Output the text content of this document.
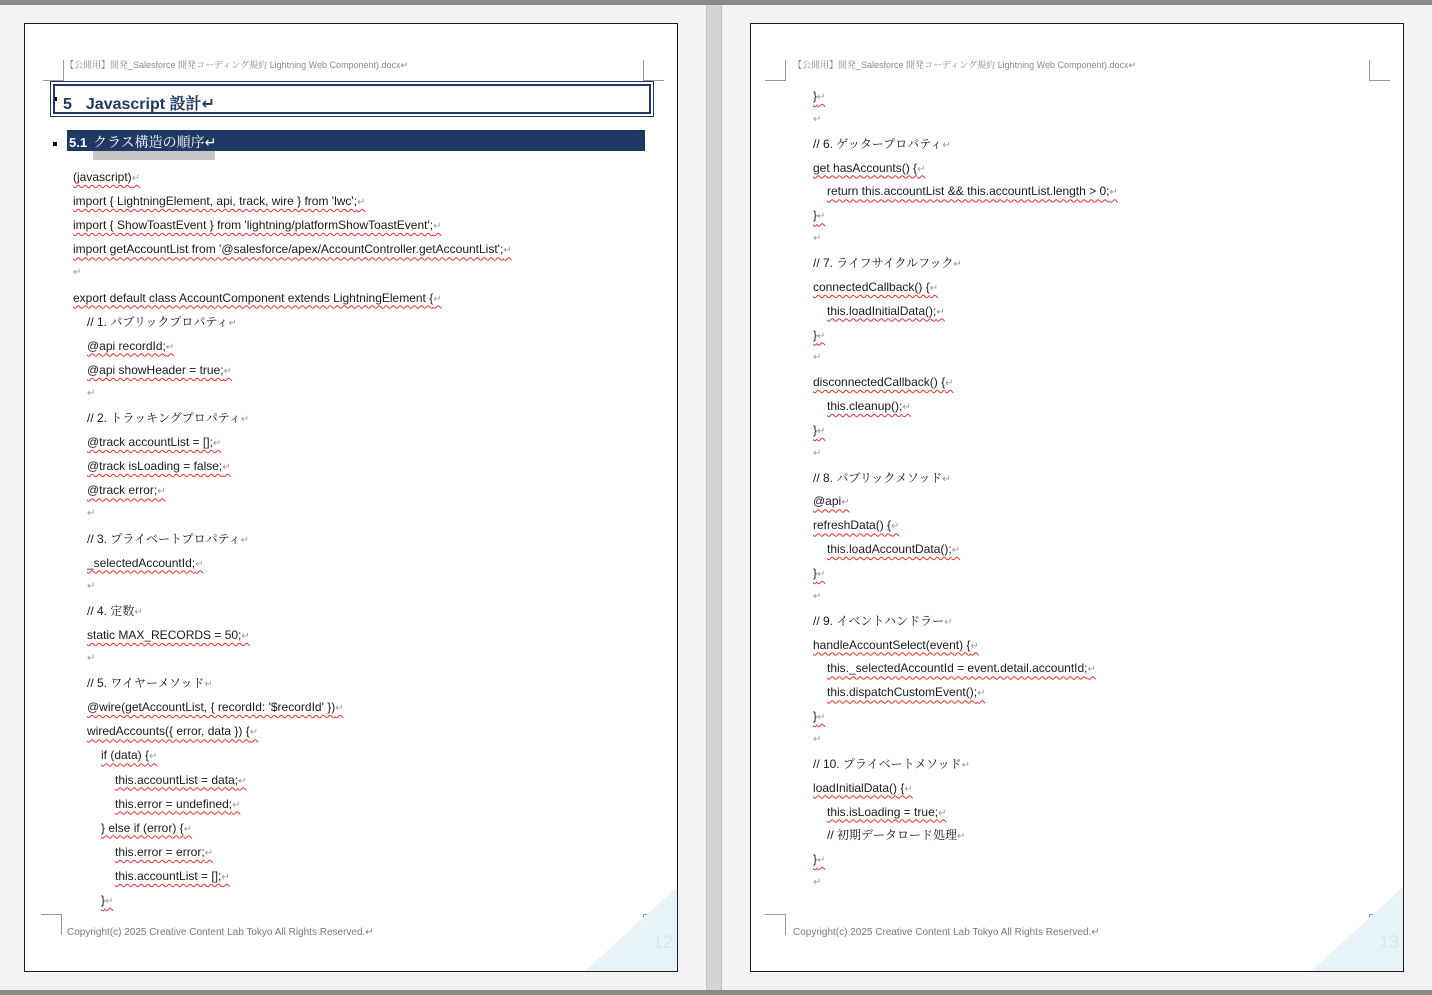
【公開用】開発_Salesforce 開発コーディング規約 Lightning Web Component).docx↵
5 Javascript 設計↵
5.1 クラス構造の順序↵
(javascript)↵
import { LightningElement, api, track, wire } from 'lwc';↵
import { ShowToastEvent } from 'lightning/platformShowToastEvent';↵
import getAccountList from '@salesforce/apex/AccountController.getAccountList';↵
↵
export default class AccountComponent extends LightningElement {↵
// 1. パブリックプロパティ↵
@api recordId;↵
@api showHeader = true;↵
↵
// 2. トラッキングプロパティ↵
@track accountList = [];↵
@track isLoading = false;↵
@track error;↵
↵
// 3. プライベートプロパティ↵
_selectedAccountId;↵
↵
// 4. 定数↵
static MAX_RECORDS = 50;↵
↵
// 5. ワイヤーメソッド↵
@wire(getAccountList, { recordId: '$recordId' })↵
wiredAccounts({ error, data }) {↵
if (data) {↵
this.accountList = data;↵
this.error = undefined;↵
} else if (error) {↵
this.error = error;↵
this.accountList = [];↵
}↵
Copyright(c) 2025 Creative Content Lab Tokyo All Rights Reserved.↵	12
【公開用】開発_Salesforce 開発コーディング規約 Lightning Web Component).docx↵
}↵
↵
// 6. ゲッタープロパティ↵
get hasAccounts() {↵
return this.accountList && this.accountList.length > 0;↵
}↵
↵
// 7. ライフサイクルフック↵
connectedCallback() {↵
this.loadInitialData();↵
}↵
↵
disconnectedCallback() {↵
this.cleanup();↵
}↵
↵
// 8. パブリックメソッド↵
@api↵
refreshData() {↵
this.loadAccountData();↵
}↵
↵
// 9. イベントハンドラー↵
handleAccountSelect(event) {↵
this._selectedAccountId = event.detail.accountId;↵
this.dispatchCustomEvent();↵
}↵
↵
// 10. プライベートメソッド↵
loadInitialData() {↵
this.isLoading = true;↵
// 初期データロード処理↵
}↵
↵
Copyright(c) 2025 Creative Content Lab Tokyo All Rights Reserved.↵	13
